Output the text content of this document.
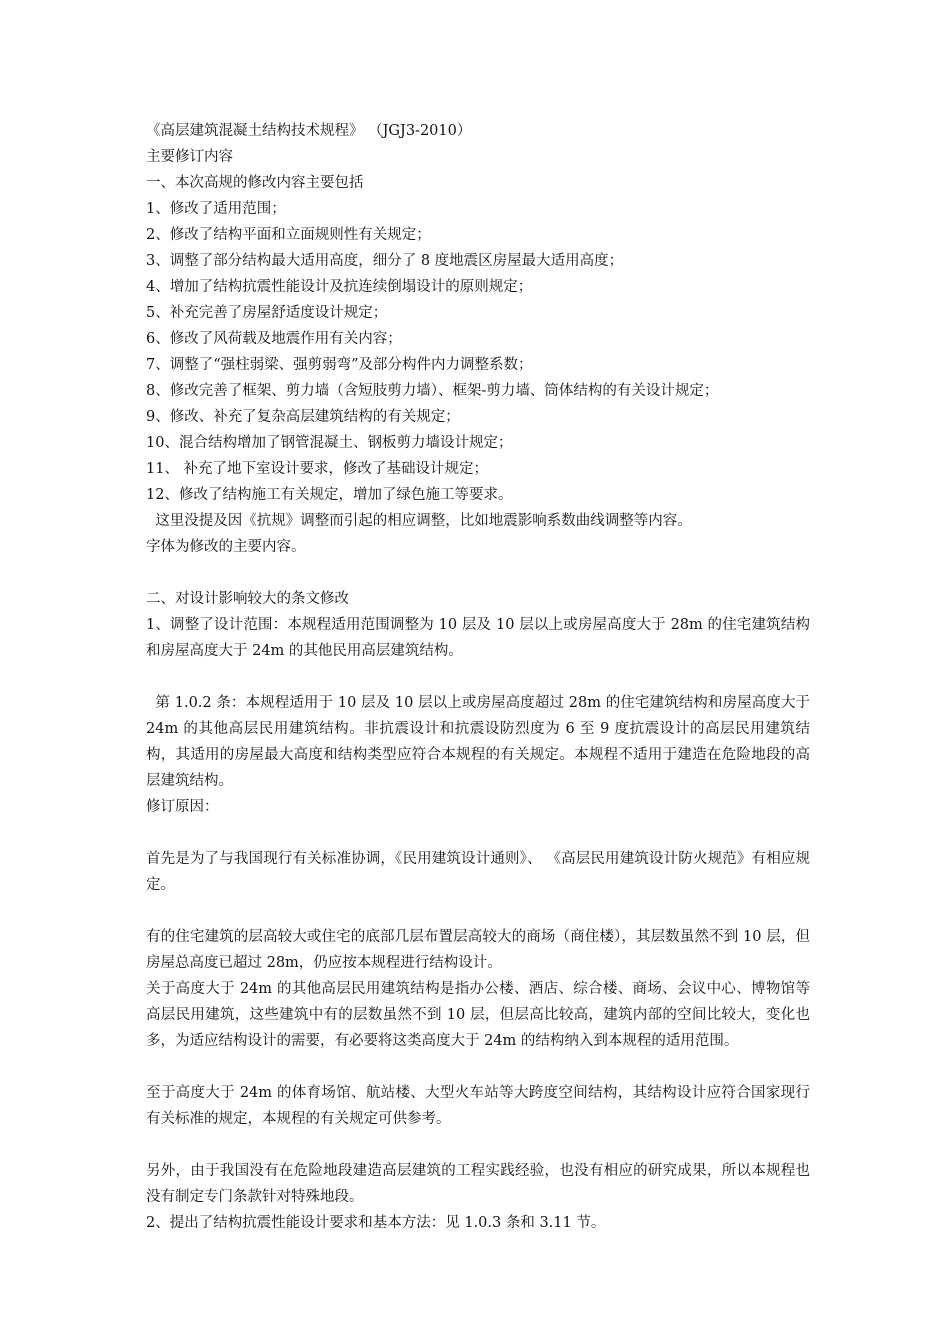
《高层建筑混凝土结构技术规程》 （JGJ3-2010）
主要修订内容
一、本次高规的修改内容主要包括
1、修改了适用范围；
2、修改了结构平面和立面规则性有关规定；
3、调整了部分结构最大适用高度，细分了 8 度地震区房屋最大适用高度；
4、增加了结构抗震性能设计及抗连续倒塌设计的原则规定；
5、补充完善了房屋舒适度设计规定；
6、修改了风荷载及地震作用有关内容；
7、调整了“强柱弱梁、强剪弱弯”及部分构件内力调整系数；
8、修改完善了框架、剪力墙（含短肢剪力墙）、框架-剪力墙、筒体结构的有关设计规定；
9、修改、补充了复杂高层建筑结构的有关规定；
10、混合结构增加了钢管混凝土、钢板剪力墙设计规定；
11、 补充了地下室设计要求，修改了基础设计规定；
12、修改了结构施工有关规定，增加了绿色施工等要求。
这里没提及因《抗规》调整而引起的相应调整，比如地震影响系数曲线调整等内容。
字体为修改的主要内容。
二、对设计影响较大的条文修改
1、调整了设计范围：本规程适用范围调整为 10 层及 10 层以上或房屋高度大于 28m 的住宅建筑结构和房屋高度大于 24m 的其他民用高层建筑结构。
第 1.0.2 条：本规程适用于 10 层及 10 层以上或房屋高度超过 28m 的住宅建筑结构和房屋高度大于 24m 的其他高层民用建筑结构。非抗震设计和抗震设防烈度为 6 至 9 度抗震设计的高层民用建筑结构，其适用的房屋最大高度和结构类型应符合本规程的有关规定。本规程不适用于建造在危险地段的高层建筑结构。
修订原因：
首先是为了与我国现行有关标准协调，《民用建筑设计通则》、 《高层民用建筑设计防火规范》有相应规定。
有的住宅建筑的层高较大或住宅的底部几层布置层高较大的商场（商住楼），其层数虽然不到 10 层，但房屋总高度已超过 28m，仍应按本规程进行结构设计。
关于高度大于 24m 的其他高层民用建筑结构是指办公楼、酒店、综合楼、商场、会议中心、博物馆等高层民用建筑，这些建筑中有的层数虽然不到 10 层，但层高比较高，建筑内部的空间比较大，变化也多，为适应结构设计的需要，有必要将这类高度大于 24m 的结构纳入到本规程的适用范围。
至于高度大于 24m 的体育场馆、航站楼、大型火车站等大跨度空间结构，其结构设计应符合国家现行有关标准的规定，本规程的有关规定可供参考。
另外，由于我国没有在危险地段建造高层建筑的工程实践经验，也没有相应的研究成果，所以本规程也没有制定专门条款针对特殊地段。
2、提出了结构抗震性能设计要求和基本方法：见 1.0.3 条和 3.11 节。
